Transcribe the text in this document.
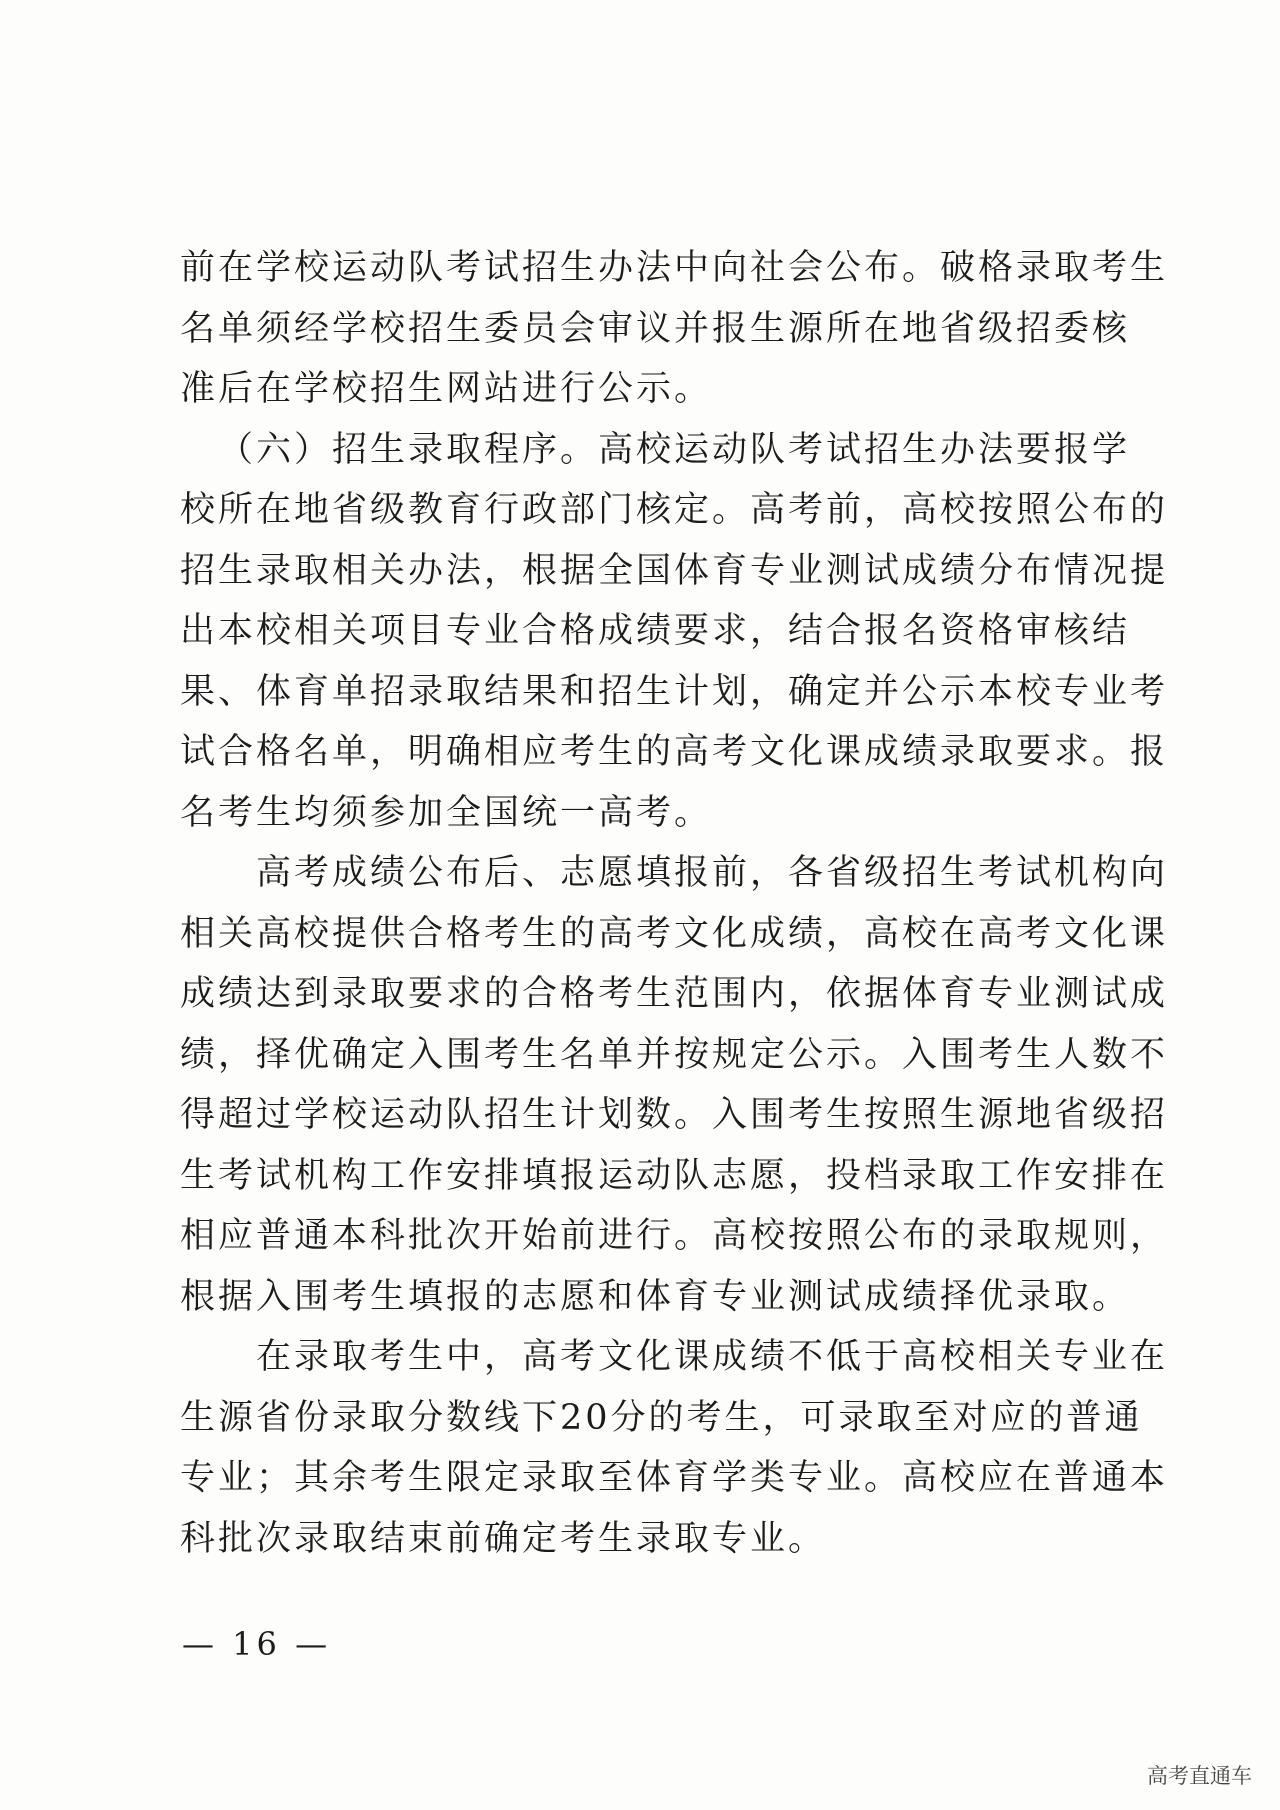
前在学校运动队考试招生办法中向社会公布。破格录取考生
名单须经学校招生委员会审议并报生源所在地省级招委核
准后在学校招生网站进行公示。

（六）招生录取程序。高校运动队考试招生办法要报学
校所在地省级教育行政部门核定。高考前，高校按照公布的
招生录取相关办法，根据全国体育专业测试成绩分布情况提
出本校相关项目专业合格成绩要求，结合报名资格审核结
果、体育单招录取结果和招生计划，确定并公示本校专业考
试合格名单，明确相应考生的高考文化课成绩录取要求。报
名考生均须参加全国统一高考。

高考成绩公布后、志愿填报前，各省级招生考试机构向
相关高校提供合格考生的高考文化成绩，高校在高考文化课
成绩达到录取要求的合格考生范围内，依据体育专业测试成
绩，择优确定入围考生名单并按规定公示。入围考生人数不
得超过学校运动队招生计划数。入围考生按照生源地省级招
生考试机构工作安排填报运动队志愿，投档录取工作安排在
相应普通本科批次开始前进行。高校按照公布的录取规则，
根据入围考生填报的志愿和体育专业测试成绩择优录取。

在录取考生中，高考文化课成绩不低于高校相关专业在
生源省份录取分数线下20分的考生，可录取至对应的普通
专业；其余考生限定录取至体育学类专业。高校应在普通本
科批次录取结束前确定考生录取专业。

— 16 —
高考直通车
